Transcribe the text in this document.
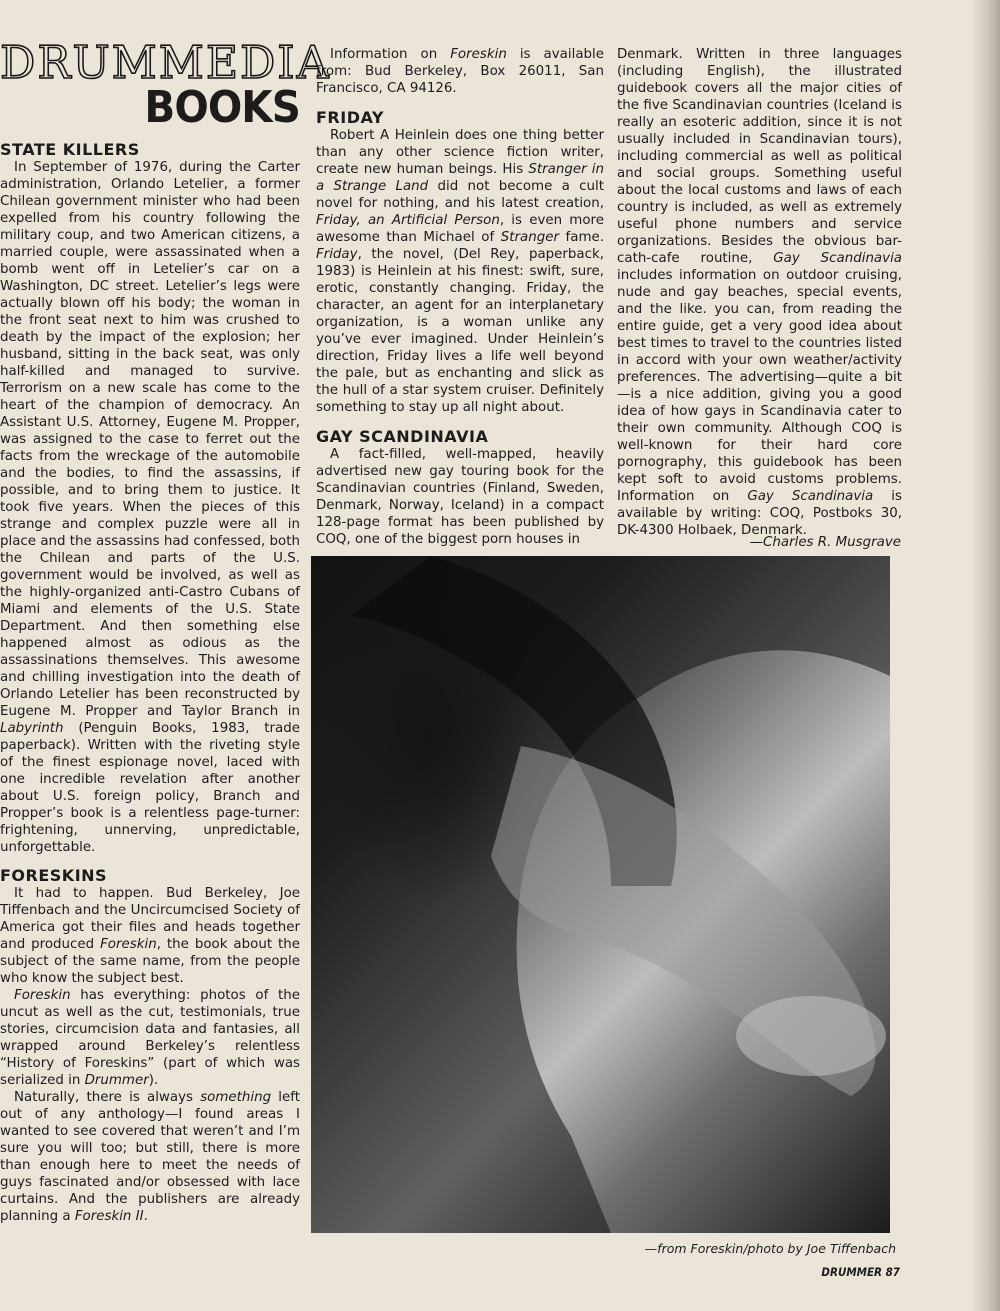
DRUMMEDIA
BOOKS
STATE KILLERS

In September of 1976, during the Carter administration, Orlando Letelier, a former Chilean government minister who had been expelled from his country following the military coup, and two American citizens, a married couple, were assassinated when a bomb went off in Letelier’s car on a Washington, DC street. Letelier’s legs were actually blown off his body; the woman in the front seat next to him was crushed to death by the impact of the explosion; her husband, sitting in the back seat, was only half-killed and managed to survive. Terrorism on a new scale has come to the heart of the champion of democracy. An Assistant U.S. Attorney, Eugene M. Propper, was assigned to the case to ferret out the facts from the wreckage of the automobile and the bodies, to find the assassins, if possible, and to bring them to justice. It took five years. When the pieces of this strange and complex puzzle were all in place and the assassins had confessed, both the Chilean and parts of the U.S. government would be involved, as well as the highly-organized anti-Castro Cubans of Miami and elements of the U.S. State Department. And then something else happened almost as odious as the assassinations themselves. This awesome and chilling investigation into the death of Orlando Letelier has been reconstructed by Eugene M. Propper and Taylor Branch in Labyrinth (Penguin Books, 1983, trade paperback). Written with the riveting style of the finest espionage novel, laced with one incredible revelation after another about U.S. foreign policy, Branch and Propper’s book is a relentless page-turner: frightening, unnerving, unpredictable, unforgettable.

FORESKINS

It had to happen. Bud Berkeley, Joe Tiffenbach and the Uncircumcised Society of America got their files and heads together and produced Foreskin, the book about the subject of the same name, from the people who know the subject best.

Foreskin has everything: photos of the uncut as well as the cut, testimonials, true stories, circumcision data and fantasies, all wrapped around Berkeley’s relentless “History of Foreskins” (part of which was serialized in Drummer).

Naturally, there is always something left out of any anthology—I found areas I wanted to see covered that weren’t and I’m sure you will too; but still, there is more than enough here to meet the needs of guys fascinated and/or obsessed with lace curtains. And the publishers are already planning a Foreskin II.

Information on Foreskin is available from: Bud Berkeley, Box 26011, San Francisco, CA 94126.

FRIDAY

Robert A Heinlein does one thing better than any other science fiction writer, create new human beings. His Stranger in a Strange Land did not become a cult novel for nothing, and his latest creation, Friday, an Artificial Person, is even more awesome than Michael of Stranger fame. Friday, the novel, (Del Rey, paperback, 1983) is Heinlein at his finest: swift, sure, erotic, constantly changing. Friday, the character, an agent for an interplanetary organization, is a woman unlike any you’ve ever imagined. Under Heinlein’s direction, Friday lives a life well beyond the pale, but as enchanting and slick as the hull of a star system cruiser. Definitely something to stay up all night about.

GAY SCANDINAVIA

A fact-filled, well-mapped, heavily advertised new gay touring book for the Scandinavian countries (Finland, Sweden, Denmark, Norway, Iceland) in a compact 128-page format has been published by COQ, one of the biggest porn houses in

Denmark. Written in three languages (including English), the illustrated guidebook covers all the major cities of the five Scandinavian countries (Iceland is really an esoteric addition, since it is not usually included in Scandinavian tours), including commercial as well as political and social groups. Something useful about the local customs and laws of each country is included, as well as extremely useful phone numbers and service organizations. Besides the obvious bar-cath-cafe routine, Gay Scandinavia includes information on outdoor cruising, nude and gay beaches, special events, and the like. you can, from reading the entire guide, get a very good idea about best times to travel to the countries listed in accord with your own weather/activity preferences. The advertising—quite a bit—is a nice addition, giving you a good idea of how gays in Scandinavia cater to their own community. Although COQ is well-known for their hard core pornography, this guidebook has been kept soft to avoid customs problems. Information on Gay Scandinavia is available by writing: COQ, Postboks 30, DK-4300 Holbaek, Denmark.

—Charles R. Musgrave
—from Foreskin/photo by Joe Tiffenbach
DRUMMER 87
